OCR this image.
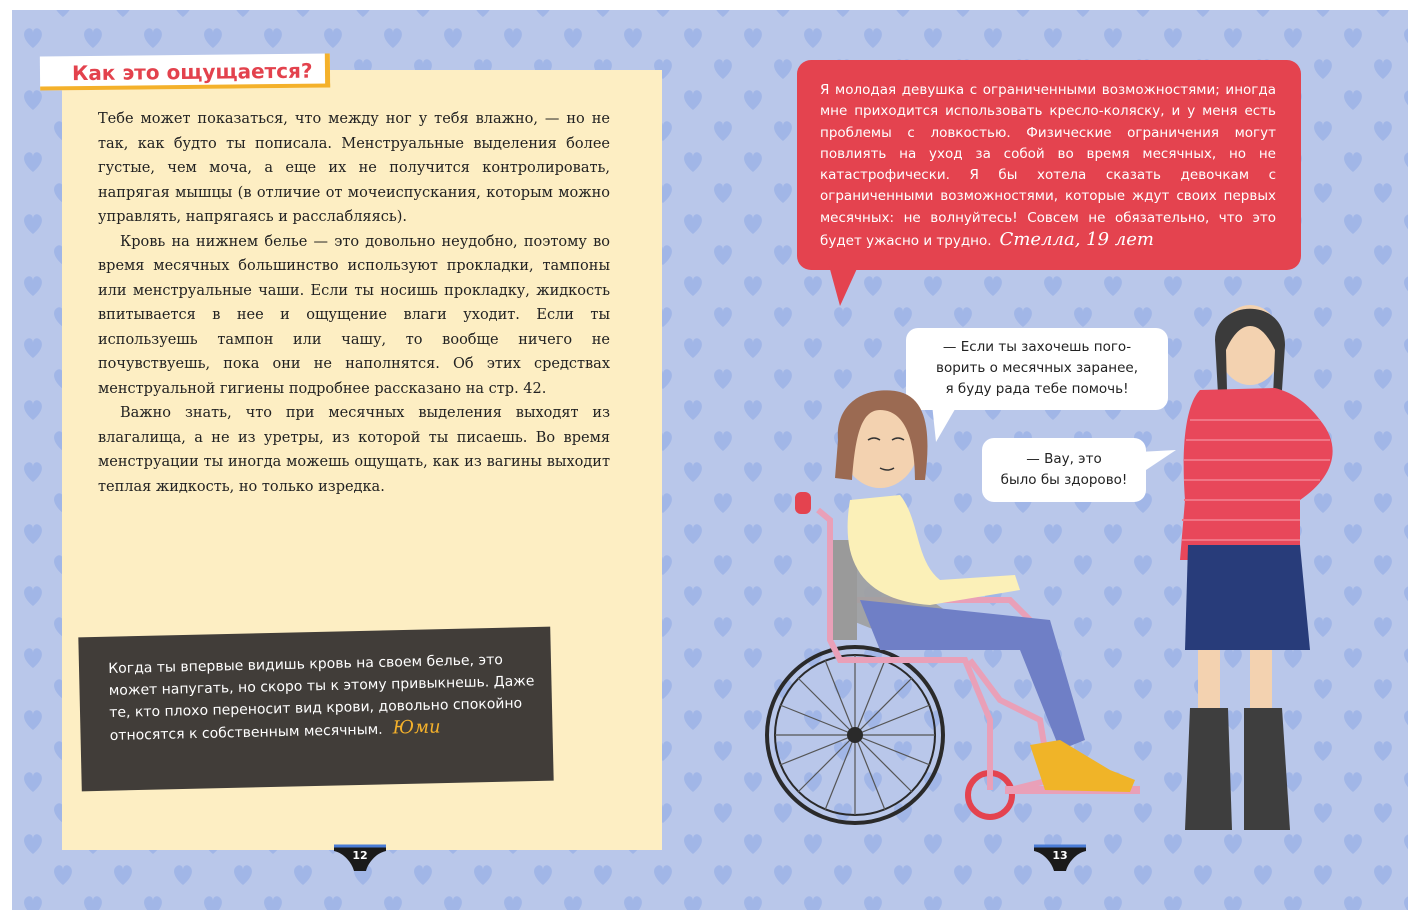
Как это ощущается?

Тебе может показаться, что между ног у тебя влажно, — но не так, как будто ты пописала. Менструальные выделения более густые, чем моча, а еще их не получится контролировать, напрягая мышцы (в отличие от мочеиспускания, которым можно управлять, напрягаясь и расслабляясь).

Кровь на нижнем белье — это довольно неудобно, поэтому во время месячных большинство используют прокладки, тампоны или менструальные чаши. Если ты носишь прокладку, жидкость впитывается в нее и ощущение влаги уходит. Если ты используешь тампон или чашу, то вообще ничего не почувствуешь, пока они не наполнятся. Об этих средствах менструальной гигиены подробнее рассказано на стр. 42.

Важно знать, что при месячных выделения выходят из влагалища, а не из уретры, из которой ты писаешь. Во время менструации ты иногда можешь ощущать, как из вагины выходит теплая жидкость, но только изредка.

Когда ты впервые видишь кровь на своем белье, это может напугать, но скоро ты к этому привыкнешь. Даже те, кто плохо переносит вид крови, довольно спокойно относятся к собственным месячным. Юми
12
Я молодая девушка с ограниченными возможностями; иногда мне приходится использовать кресло-коляску, и у меня есть проблемы с ловкостью. Физические ограничения могут повлиять на уход за собой во время месячных, но не катастрофически. Я бы хотела сказать девочкам с ограниченными возможностями, которые ждут своих первых месячных: не волнуйтесь! Совсем не обязательно, что это будет ужасно и трудно. Стелла, 19 лет
— Если ты захочешь пого-
ворить о месячных заранее,
я буду рада тебе помочь!
— Вау, это
было бы здорово!
13
